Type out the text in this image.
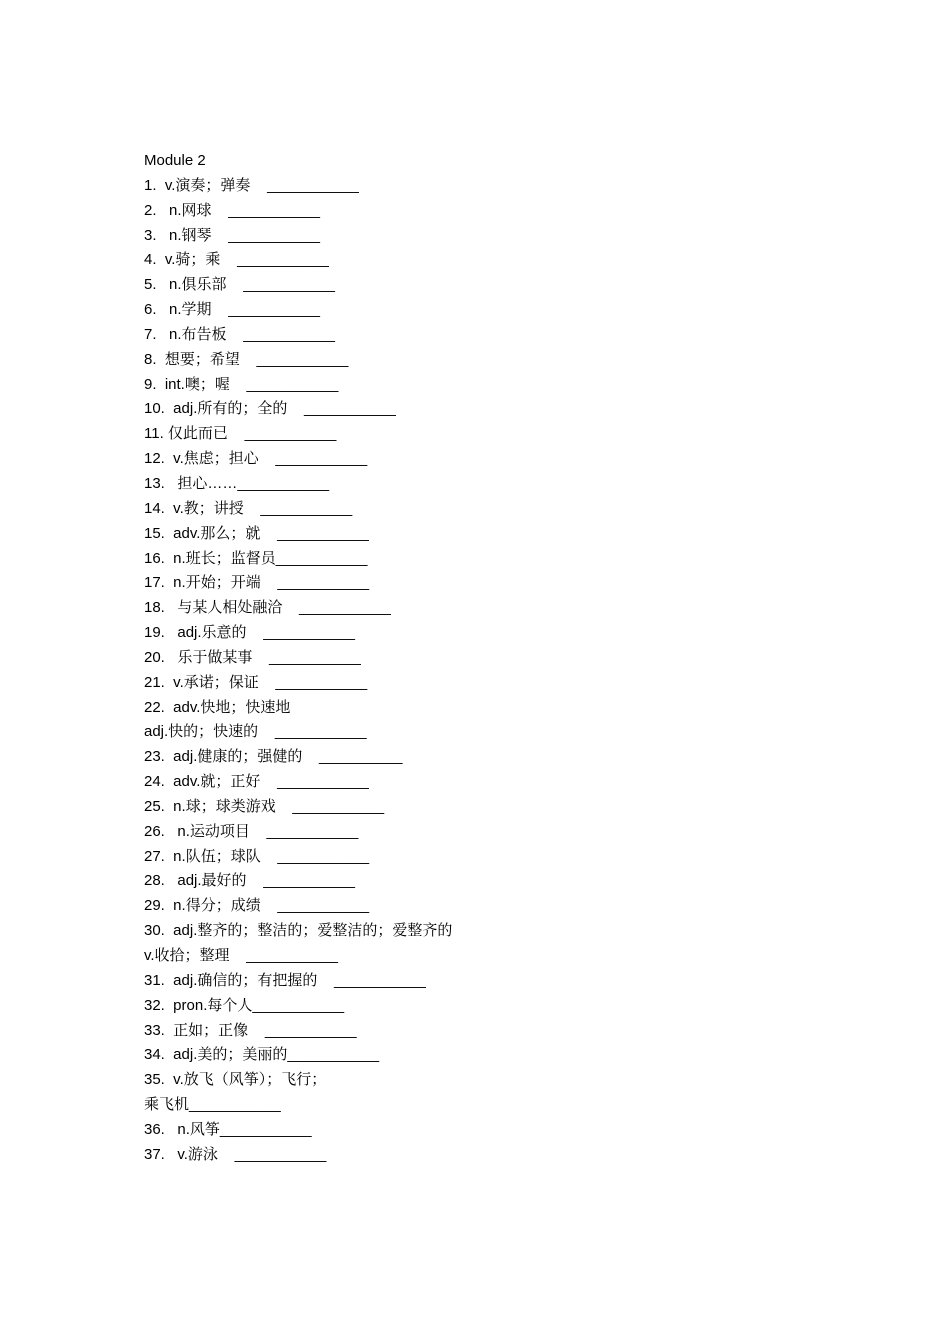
Module 2
1.  v.演奏；弹奏    ___________
2.   n.网球    ___________
3.   n.钢琴    ___________
4.  v.骑；乘    ___________
5.   n.俱乐部    ___________
6.   n.学期    ___________
7.   n.布告板    ___________
8.  想要；希望    ___________
9.  int.噢；喔    ___________
10.  adj.所有的；全的    ___________
11. 仅此而已    ___________
12.  v.焦虑；担心    ___________
13.   担心……___________
14.  v.教；讲授    ___________
15.  adv.那么；就    ___________
16.  n.班长；监督员___________
17.  n.开始；开端    ___________
18.   与某人相处融洽    ___________
19.   adj.乐意的    ___________
20.   乐于做某事    ___________
21.  v.承诺；保证    ___________
22.  adv.快地；快速地
adj.快的；快速的    ___________
23.  adj.健康的；强健的    __________
24.  adv.就；正好    ___________
25.  n.球；球类游戏    ___________
26.   n.运动项目    ___________
27.  n.队伍；球队    ___________
28.   adj.最好的    ___________
29.  n.得分；成绩    ___________
30.  adj.整齐的；整洁的；爱整洁的；爱整齐的
v.收拾；整理    ___________
31.  adj.确信的；有把握的    ___________
32.  pron.每个人___________
33.  正如；正像    ___________
34.  adj.美的；美丽的___________
35.  v.放飞（风筝）；飞行；
乘飞机___________
36.   n.风筝___________
37.   v.游泳    ___________
